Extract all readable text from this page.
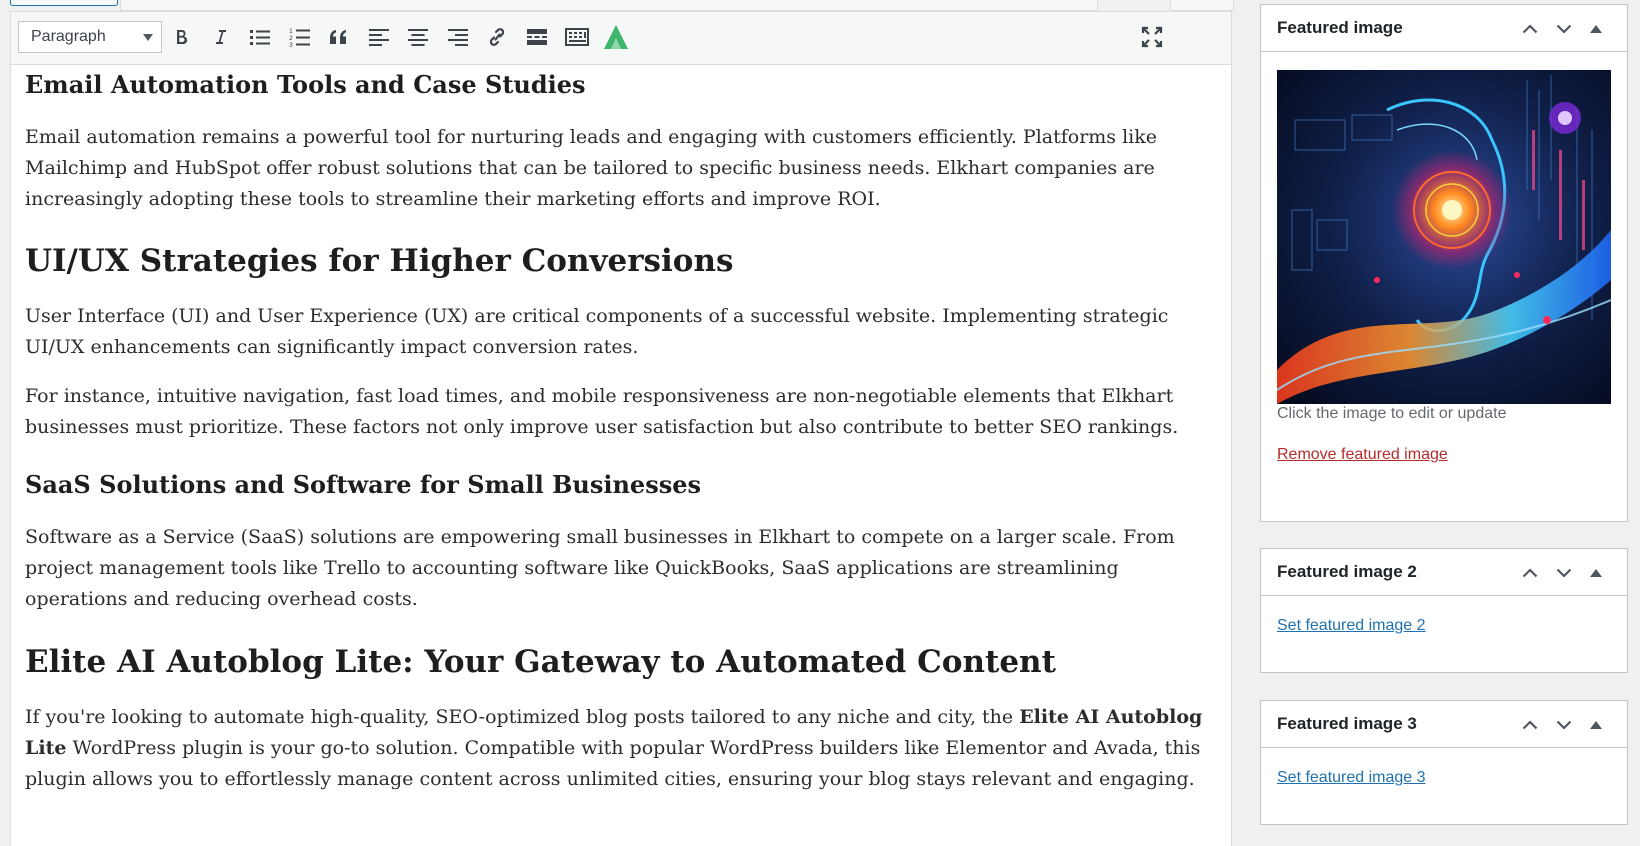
Paragraph	1
2
3
Email Automation Tools and Case Studies

Email automation remains a powerful tool for nurturing leads and engaging with customers efficiently. Platforms like Mailchimp and HubSpot offer robust solutions that can be tailored to specific business needs. Elkhart companies are increasingly adopting these tools to streamline their marketing efforts and improve ROI.

UI/UX Strategies for Higher Conversions

User Interface (UI) and User Experience (UX) are critical components of a successful website. Implementing strategic UI/UX enhancements can significantly impact conversion rates.

For instance, intuitive navigation, fast load times, and mobile responsiveness are non-negotiable elements that Elkhart businesses must prioritize. These factors not only improve user satisfaction but also contribute to better SEO rankings.

SaaS Solutions and Software for Small Businesses

Software as a Service (SaaS) solutions are empowering small businesses in Elkhart to compete on a larger scale. From project management tools like Trello to accounting software like QuickBooks, SaaS applications are streamlining operations and reducing overhead costs.

Elite AI Autoblog Lite: Your Gateway to Automated Content

If you're looking to automate high-quality, SEO-optimized blog posts tailored to any niche and city, the Elite AI Autoblog Lite WordPress plugin is your go-to solution. Compatible with popular WordPress builders like Elementor and Avada, this plugin allows you to effortlessly manage content across unlimited cities, ensuring your blog stays relevant and engaging.

Featured image
Click the image to edit or update
Remove featured image
Featured image 2
Set featured image 2
Featured image 3
Set featured image 3
